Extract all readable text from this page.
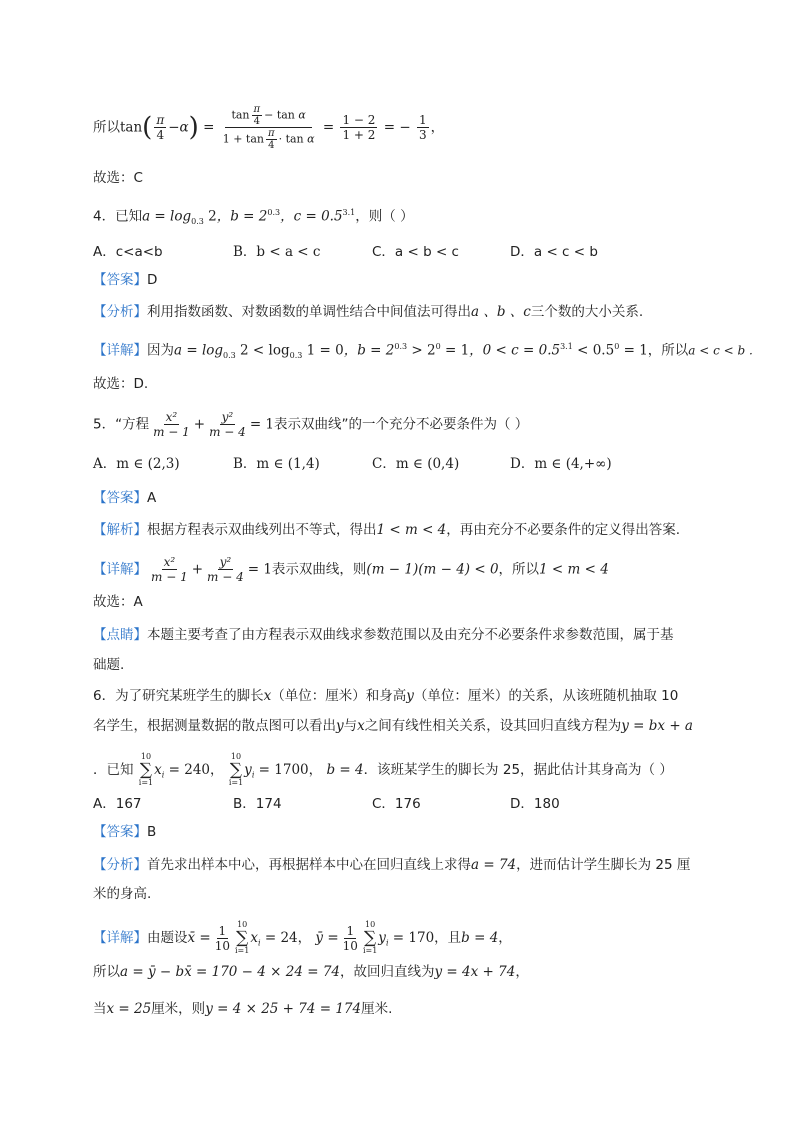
所以$\tan( \frac{\pi}{4} -\alpha) = \frac{\tan \frac{\pi}{4} - \tan \alpha}{1 + \tan \frac{\pi}{4} \cdot \tan \alpha} = \frac{1 - 2}{1 + 2}$ = − $\frac{1}{3}$ ，
故选：C
4．已知$a = \log_{0.3} 2$，$b = 2^{0.3}$，$c = 0.5^{3.1}$，则（ ）
A．c<a<b	B．b < a < c	C．a < b < c	D．a < c < b
【答案】D
【分析】利用指数函数、对数函数的单调性结合中间值法可得出a 、b 、c三个数的大小关系.
【详解】因为$a = \log_{0.3} 2 < \log_{0.3} 1 = 0$，$b = 2^{0.3} > 2^0 = 1$，$0 < c = 0.5^{3.1} < 0.5^0 = 1$，所以a < c < b .
故选：D.
5．“方程 $\frac{\text{x²}}{m - 1} + \frac{\text{y²}}{m - 4} = 1$表示双曲线”的一个充分不必要条件为（ ）
A．m ∈ (2,3)	B．m ∈ (1,4)	C．m ∈ (0,4)	D．m ∈ (4,+∞)
【答案】A
【解析】根据方程表示双曲线列出不等式，得出1 < m < 4，再由充分不必要条件的定义得出答案.
【详解】 $\frac{\text{x²}}{m - 1} + \frac{\text{y²}}{m - 4} = 1$表示双曲线，则(m − 1)(m − 4) < 0，所以1 < m < 4
故选：A
【点睛】本题主要考查了由方程表示双曲线求参数范围以及由充分不必要条件求参数范围，属于基
础题.
6．为了研究某班学生的脚长x（单位：厘米）和身高y（单位：厘米）的关系，从该班随机抽取 10
名学生，根据测量数据的散点图可以看出y与x之间有线性相关关系，设其回归直线方程为y = bx + a
．已知
10
∑
i=1
$x_i = 240$，
10
∑
i=1
$y_i = 1700$， b = 4．该班某学生的脚长为 25，据此估计其身高为（ ）
A．167	B．174	C．176	D．180
【答案】B
【分析】首先求出样本中心，再根据样本中心在回归直线上求得a = 74，进而估计学生脚长为 25 厘
米的身高.
【详解】由题设x̄ = $\frac{1}{10} 10$
∑
i=1
$x_i = 24$， ȳ = $\frac{1}{10} 10$
∑
i=1
$y_i = 170$，且b = 4，
所以a = ȳ − bx̄ = 170 − 4 × 24 = 74，故回归直线为y = 4x + 74，
当x = 25厘米，则y = 4 × 25 + 74 = 174厘米.
